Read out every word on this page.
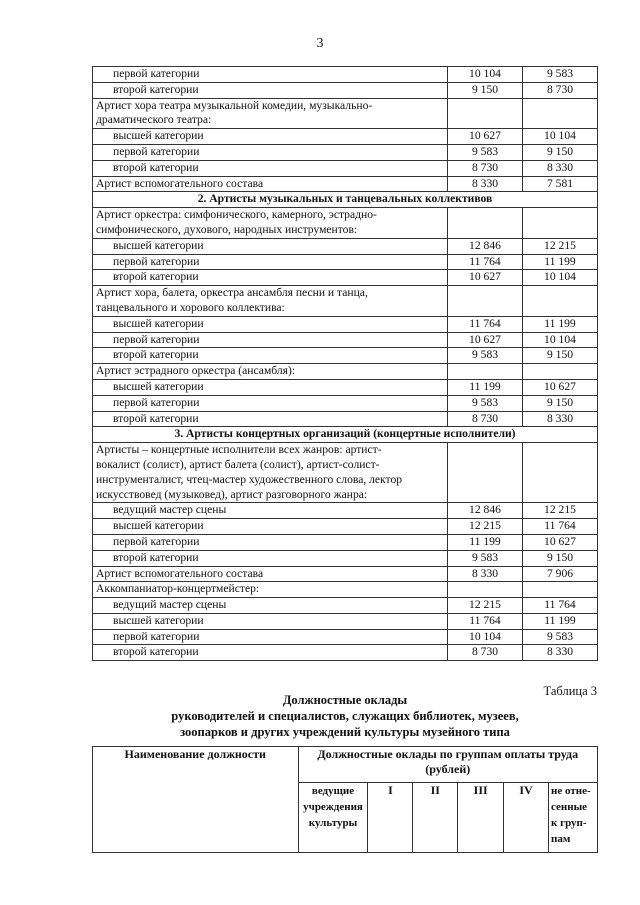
3
первой категории	10 104	9 583
второй категории	9 150	8 730
Артист хора театра музыкальной комедии, музыкально-
драматического театра:		
высшей категории	10 627	10 104
первой категории	9 583	9 150
второй категории	8 730	8 330
Артист вспомогательного состава	8 330	7 581
2. Артисты музыкальных и танцевальных коллективов		
Артист оркестра: симфонического, камерного, эстрадно-
симфонического, духового, народных инструментов:		
высшей категории	12 846	12 215
первой категории	11 764	11 199
второй категории	10 627	10 104
Артист хора, балета, оркестра ансамбля песни и танца,
танцевального и хорового коллектива:		
высшей категории	11 764	11 199
первой категории	10 627	10 104
второй категории	9 583	9 150
Артист эстрадного оркестра (ансамбля):		
высшей категории	11 199	10 627
первой категории	9 583	9 150
второй категории	8 730	8 330
3. Артисты концертных организаций (концертные исполнители)		
Артисты – концертные исполнители всех жанров: артист-
вокалист (солист), артист балета (солист), артист-солист-
инструменталист, чтец-мастер художественного слова, лектор
искусствовед (музыковед), артист разговорного жанра:		
ведущий мастер сцены	12 846	12 215
высшей категории	12 215	11 764
первой категории	11 199	10 627
второй категории	9 583	9 150
Артист вспомогательного состава	8 330	7 906
Аккомпаниатор-концертмейстер:		
ведущий мастер сцены	12 215	11 764
высшей категории	11 764	11 199
первой категории	10 104	9 583
второй категории	8 730	8 330
Таблица 3
Должностные оклады
руководителей и специалистов, служащих библиотек, музеев,
зоопарков и других учреждений культуры музейного типа
Наименование должности	Должностные оклады по группам оплаты труда (рублей)					
	ведущие учреждения культуры	I	II	III	IV	не отне-сенные к груп-пам
